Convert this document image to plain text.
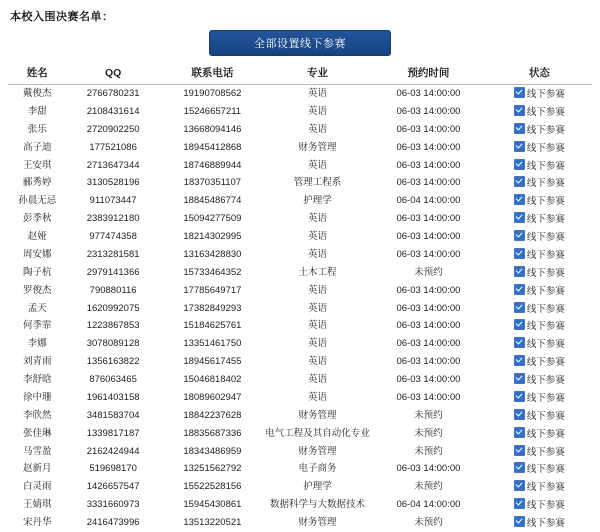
本校入围决赛名单：
全部设置线下参赛
姓名	QQ	联系电话	专业	预约时间	状态
戴俊杰	2766780231	19190708562	英语	06-03 14:00:00	线下参赛
李甜	2108431614	15246657211	英语	06-03 14:00:00	线下参赛
张乐	2720902250	13668094146	英语	06-03 14:00:00	线下参赛
高子迪	177521086	18945412868	财务管理	06-03 14:00:00	线下参赛
王安琪	2713647344	18746889944	英语	06-03 14:00:00	线下参赛
郦秀婷	3130528196	18370351107	管理工程系	06-03 14:00:00	线下参赛
孙晨无忌	911073447	18845486774	护理学	06-04 14:00:00	线下参赛
彭季秋	2383912180	15094277509	英语	06-03 14:00:00	线下参赛
赵娅	977474358	18214302995	英语	06-03 14:00:00	线下参赛
周安娜	2313281581	13163428830	英语	06-03 14:00:00	线下参赛
陶子杭	2979141366	15733464352	土木工程	未预约	线下参赛
罗俊杰	790880116	17785649717	英语	06-03 14:00:00	线下参赛
孟天	1620992075	17382849293	英语	06-03 14:00:00	线下参赛
何季霏	1223867853	15184625761	英语	06-03 14:00:00	线下参赛
李娜	3078089128	13351461750	英语	06-03 14:00:00	线下参赛
刘青雨	1356163822	18945617455	英语	06-03 14:00:00	线下参赛
李舒晗	876063465	15046818402	英语	06-03 14:00:00	线下参赛
徐中珊	1961403158	18089602947	英语	06-03 14:00:00	线下参赛
李欣然	3481583704	18842237628	财务管理	未预约	线下参赛
张佳琳	1339817187	18835687336	电气工程及其自动化专业	未预约	线下参赛
马雪盈	2162424944	18343486959	财务管理	未预约	线下参赛
赵新月	519698170	13251562792	电子商务	06-03 14:00:00	线下参赛
白灵雨	1426657547	15522528156	护理学	未预约	线下参赛
王婧琪	3331660973	15945430861	数据科学与大数据技术	06-04 14:00:00	线下参赛
宋丹华	2416473996	13513220521	财务管理	未预约	线下参赛
